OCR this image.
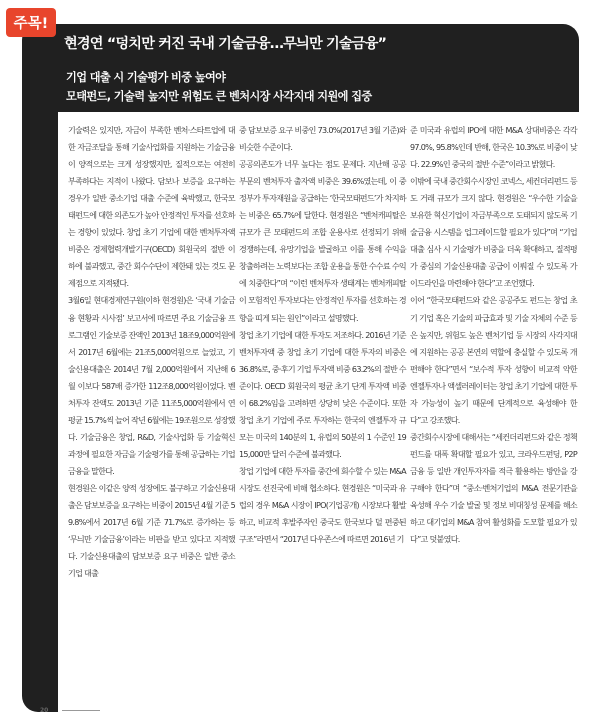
주목!
현경연 “덩치만 커진 국내 기술금융…무늬만 기술금융”
기업 대출 시 기술평가 비중 높여야
모태펀드, 기술력 높지만 위험도 큰 벤처시장 사각지대 지원에 집중

기술력은 있지만, 자금이 부족한 벤처·스타트업에 대한 자금조달을 통해 기술사업화를 지원하는 기술금융이 양적으로는 크게 성장했지만, 질적으로는 여전히 부족하다는 지적이 나왔다. 담보나 보증을 요구하는 경우가 일반 중소기업 대출 수준에 육박했고, 한국모태펀드에 대한 의존도가 높아 안정적인 투자를 선호하는 경향이 있었다. 창업 초기 기업에 대한 벤처투자액 비중은 경제협력개발기구(OECD) 회원국의 절반 이하에 불과했고, 중간 회수수단이 제한돼 있는 것도 문제점으로 지적됐다.

3월6일 현대경제연구원(이하 현경원)은 ‘국내 기술금융 현황과 시사점’ 보고서에 따르면 주요 기술금융 프로그램인 기술보증 잔액인 2013년 18조9,000억원에서 2017년 6월에는 21조5,000억원으로 늘었고, 기술신용대출은 2014년 7월 2,000억원에서 지난해 6월 이보다 587배 증가한 112조8,000억원이었다. 벤처투자 잔액도 2013년 기준 11조5,000억원에서 연평균 15.7%씩 늘어 작년 6월에는 19조원으로 성장했다. 기술금융은 창업, R&D, 기술사업화 등 기술혁신과정에 필요한 자금을 기술평가를 통해 공급하는 기업금융을 말한다.

현경원은 이같은 양적 성장에도 불구하고 기술신용대출은 담보보증을 요구하는 비중이 2015년 4월 기준 59.8%에서 2017년 6월 기준 71.7%로 증가하는 등 ‘무늬만 기술금융’이라는 비판을 받고 있다고 지적했다. 기술신용대출의 담보보증 요구 비중은 일반 중소기업 대출

중 담보보증 요구 비중인 73.0%(2017년 3월 기준)와 비슷한 수준이다.

공공의존도가 너무 높다는 점도 문제다. 지난해 공공부문의 벤처투자 출자액 비중은 39.6%였는데, 이 중 정부가 투자재원을 공급하는 ‘한국모태펀드’가 차지하는 비중은 65.7%에 달한다. 현경원은 “벤처캐피탈은 규모가 큰 모태펀드의 조합 운용사로 선정되기 위해 경쟁하는데, 유망기업을 발굴하고 이를 통해 수익을 창출하려는 노력보다는 조합 운용을 통한 수수료 수익에 치중한다”며 “이런 벤처투자 생태계는 벤처캐피탈이 모험적인 투자보다는 안정적인 투자를 선호하는 경향을 띠게 되는 원인”이라고 설명했다.

창업 초기 기업에 대한 투자도 저조하다. 2016년 기준 벤처투자액 중 창업 초기 기업에 대한 투자의 비중은 36.8%로, 중·후기 기업 투자액 비중 63.2%의 절반 수준이다. OECD 회원국의 평균 초기 단계 투자액 비중이 68.2%임을 고려하면 상당히 낮은 수준이다. 또한 창업 초기 기업에 주로 투자하는 한국의 엔젤투자 규모는 미국의 140분의 1, 유럽의 50분의 1 수준인 1915,000만 달러 수준에 불과했다.

창업 기업에 대한 투자를 중간에 회수할 수 있는 M&A 시장도 선진국에 비해 협소하다. 현경원은 “미국과 유럽의 경우 M&A 시장이 IPO(기업공개) 시장보다 활발하고, 비교적 후발주자인 중국도 한국보다 덜 편중된 구조”라면서 “2017년 다우존스에 따르면 2016년 기

준 미국과 유럽의 IPO에 대한 M&A 상대비중은 각각 97.0%, 95.8%인데 반해, 한국은 10.3%로 비중이 낮다. 22.9%인 중국의 절반 수준”이라고 밝혔다.

이밖에 국내 중간회수시장인 코넥스, 세컨더리펀드 등도 거래 규모가 크지 않다. 현경원은 “우수한 기술을 보유한 혁신기업이 자금부족으로 도태되지 않도록 기술금융 시스템을 업그레이드할 필요가 있다”며 “기업 대출 심사 시 기술평가 비중을 더욱 확대하고, 질적평가 중심의 기술신용대출 공급이 이뤄질 수 있도록 가이드라인을 마련해야 한다”고 조언했다.

이어 “한국모태펀드와 같은 공공주도 펀드는 창업 초기 기업 혹은 기술의 파급효과 및 기술 자체의 수준 등은 높지만, 위험도 높은 벤처기업 등 시장의 사각지대에 지원하는 공공 본연의 역할에 충실할 수 있도록 개편해야 한다”면서 “보수적 투자 성향이 비교적 약한 엔젤투자나 액셀러레이터는 창업 초기 기업에 대한 투자 가능성이 높기 때문에 단계적으로 육성해야 한다”고 강조했다.

중간회수시장에 대해서는 “세컨더리펀드와 같은 정책 펀드를 대폭 확대할 필요가 있고, 크라우드펀딩, P2P 금융 등 일반 개인투자자를 적극 활용하는 방안을 강구해야 한다”며 “중소·벤처기업의 M&A 전문기관을 육성해 우수 기술 발굴 및 정보 비대칭성 문제를 해소하고 대기업의 M&A 참여 활성화를 도모할 필요가 있다”고 덧붙였다.

20
